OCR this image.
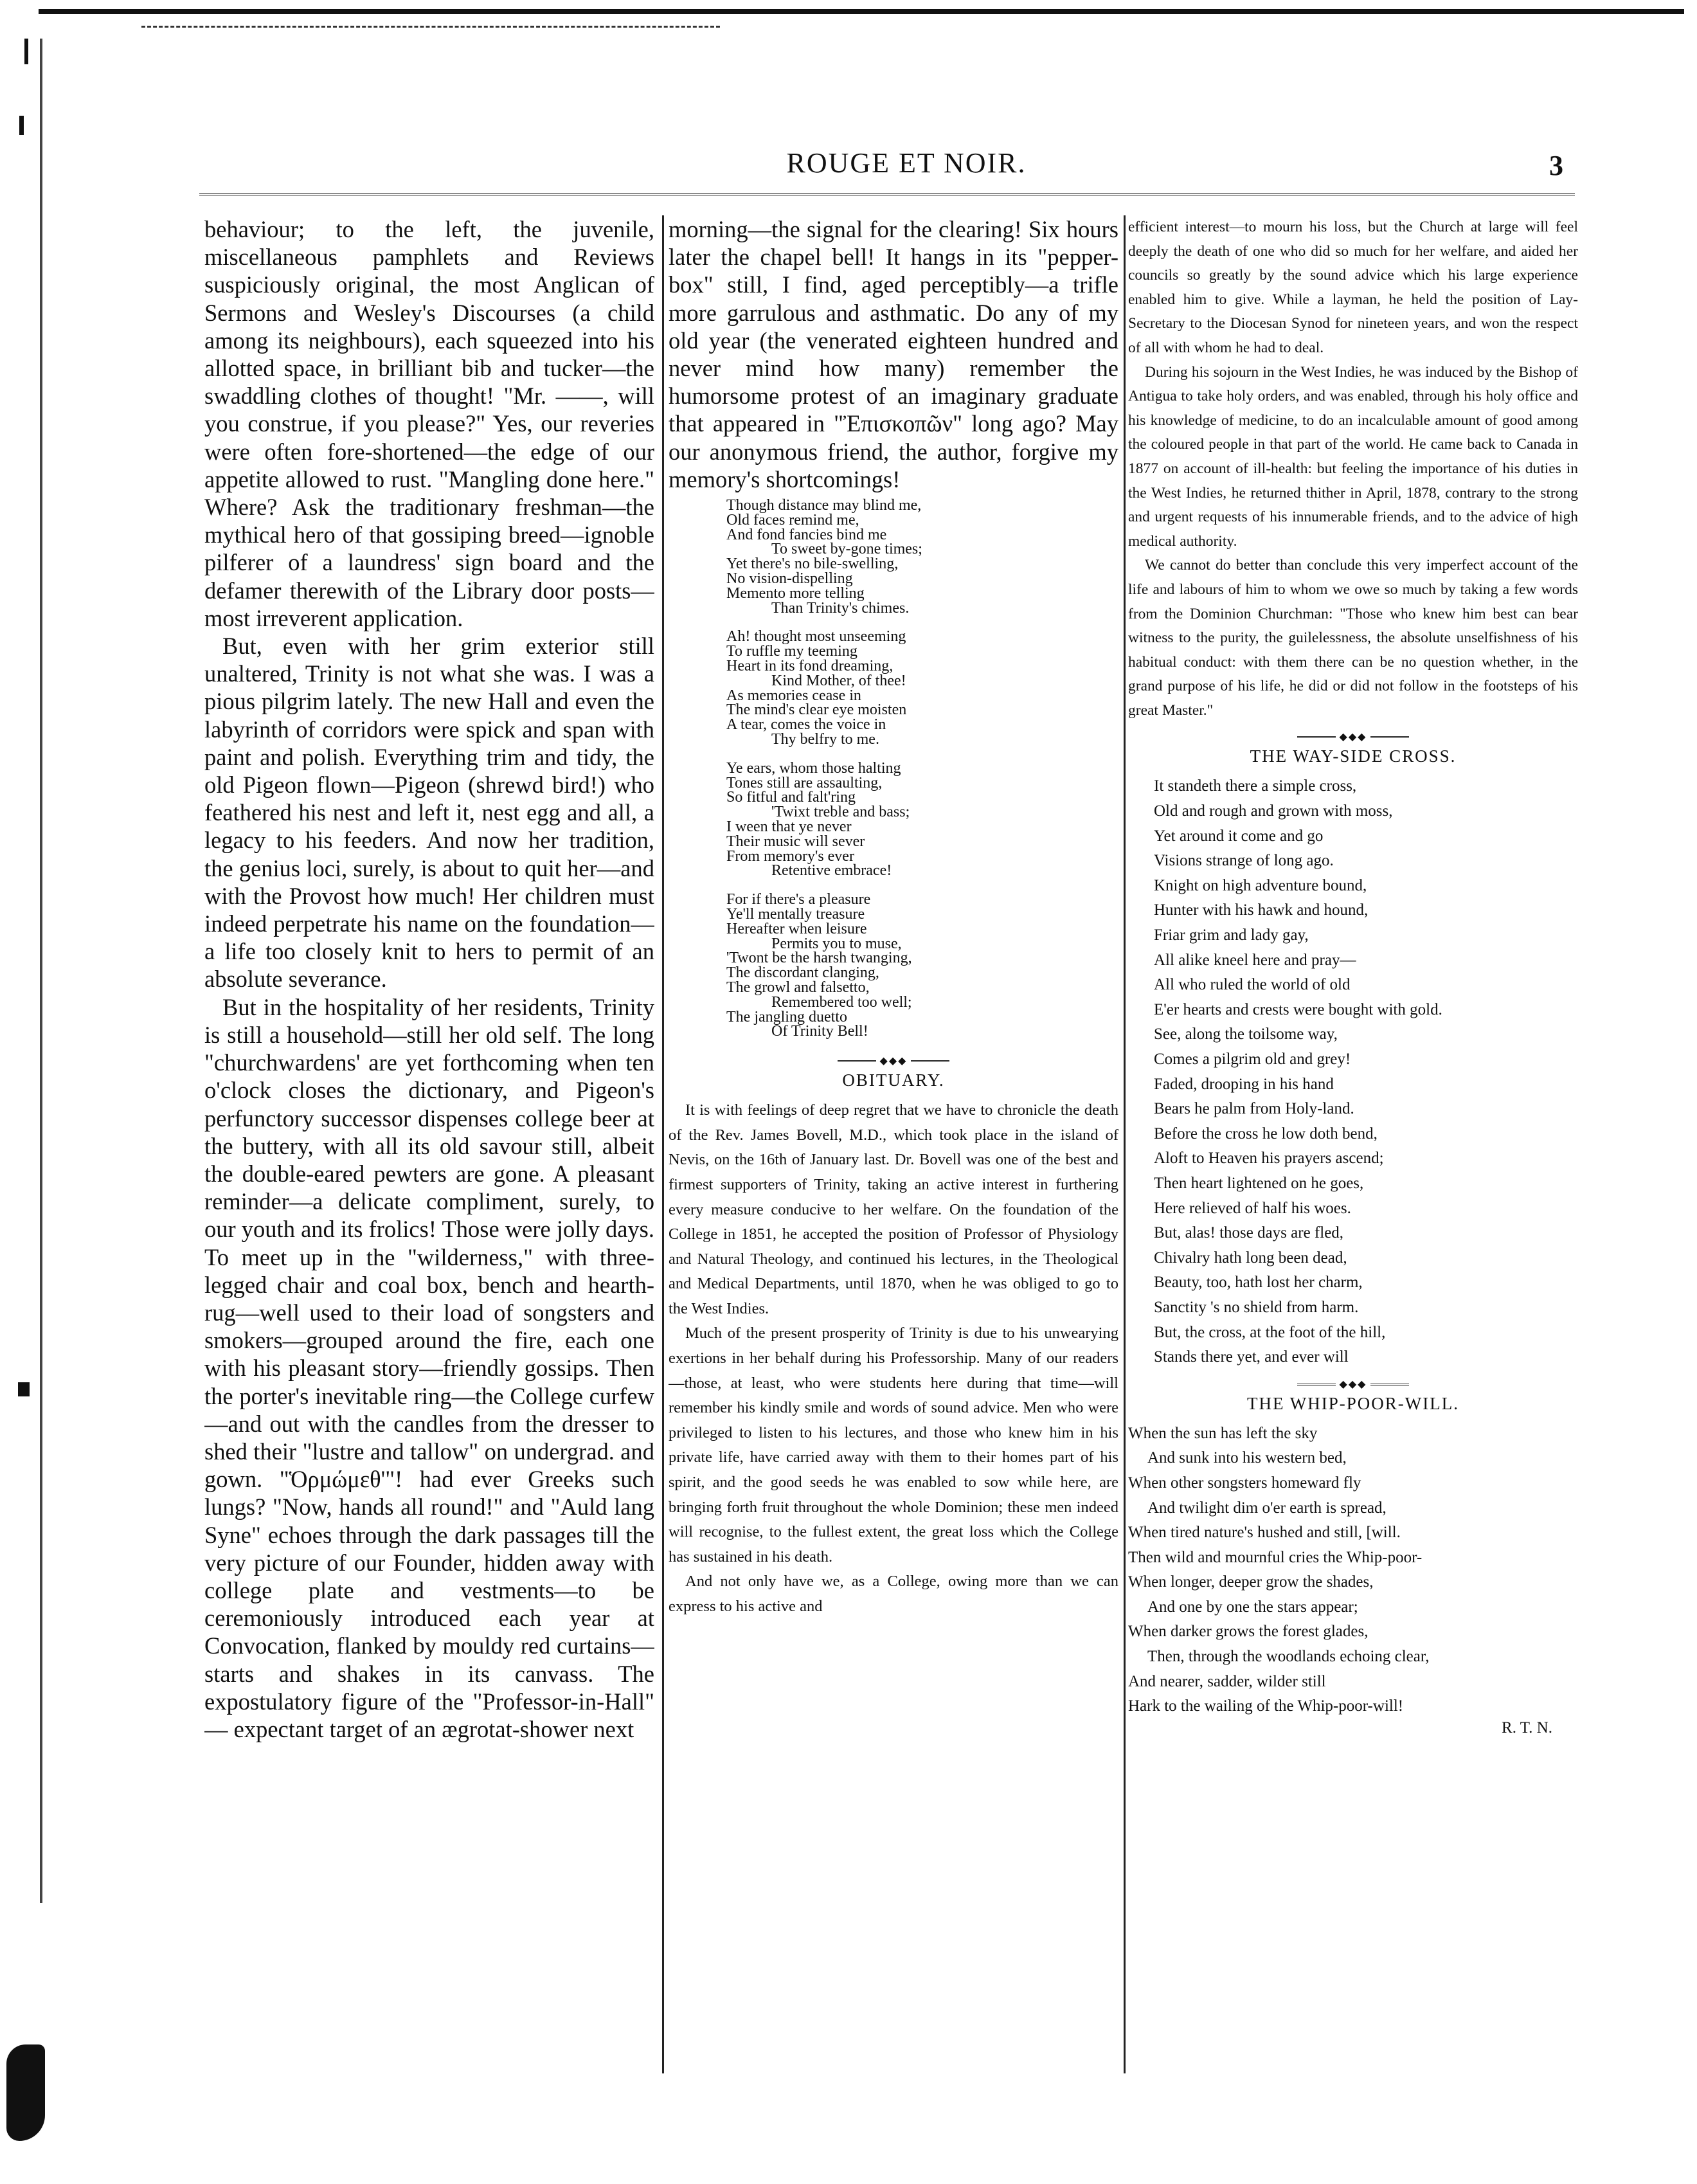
ROUGE ET NOIR.	3

behaviour; to the left, the juvenile, miscellaneous pamphlets and Reviews suspiciously original, the most Anglican of Sermons and Wesley's Discourses (a child among its neighbours), each squeezed into his allotted space, in brilliant bib and tucker—the swaddling clothes of thought! "Mr. ——, will you construe, if you please?" Yes, our reveries were often fore-shortened—the edge of our appetite allowed to rust. "Mangling done here." Where? Ask the traditionary freshman—the mythical hero of that gossiping breed—ignoble pilferer of a laundress' sign board and the defamer therewith of the Library door posts—most irreverent application.

But, even with her grim exterior still unaltered, Trinity is not what she was. I was a pious pilgrim lately. The new Hall and even the labyrinth of corridors were spick and span with paint and polish. Everything trim and tidy, the old Pigeon flown—Pigeon (shrewd bird!) who feathered his nest and left it, nest egg and all, a legacy to his feeders. And now her tradition, the genius loci, surely, is about to quit her—and with the Provost how much! Her children must indeed perpetrate his name on the foundation—a life too closely knit to hers to permit of an absolute severance.

But in the hospitality of her residents, Trinity is still a household—still her old self. The long "churchwardens' are yet forthcoming when ten o'clock closes the dictionary, and Pigeon's perfunctory successor dispenses college beer at the buttery, with all its old savour still, albeit the double-eared pewters are gone. A pleasant reminder—a delicate compliment, surely, to our youth and its frolics! Those were jolly days. To meet up in the "wilderness," with three-legged chair and coal box, bench and hearth-rug—well used to their load of songsters and smokers—grouped around the fire, each one with his pleasant story—friendly gossips. Then the porter's inevitable ring—the College curfew—and out with the candles from the dresser to shed their "lustre and tallow" on undergrad. and gown. "Ὁρμώμεθ'"! had ever Greeks such lungs? "Now, hands all round!" and "Auld lang Syne" echoes through the dark passages till the very picture of our Founder, hidden away with college plate and vestments—to be ceremoniously introduced each year at Convocation, flanked by mouldy red curtains—starts and shakes in its canvass. The expostulatory figure of the "Professor-in-Hall" — expectant target of an ægrotat-shower next

morning—the signal for the clearing! Six hours later the chapel bell! It hangs in its "pepper-box" still, I find, aged perceptibly—a trifle more garrulous and asthmatic. Do any of my old year (the venerated eighteen hundred and never mind how many) remember the humorsome protest of an imaginary graduate that appeared in "Ἐπισκοπῶν" long ago? May our anonymous friend, the author, forgive my memory's shortcomings!
Though distance may blind me,
Old faces remind me,
And fond fancies bind me
To sweet by-gone times;
Yet there's no bile-swelling,
No vision-dispelling
Memento more telling
Than Trinity's chimes.
Ah! thought most unseeming
To ruffle my teeming
Heart in its fond dreaming,
Kind Mother, of thee!
As memories cease in
The mind's clear eye moisten
A tear, comes the voice in
Thy belfry to me.
Ye ears, whom those halting
Tones still are assaulting,
So fitful and falt'ring
'Twixt treble and bass;
I ween that ye never
Their music will sever
From memory's ever
Retentive embrace!
For if there's a pleasure
Ye'll mentally treasure
Hereafter when leisure
Permits you to muse,
'Twont be the harsh twanging,
The discordant clanging,
The growl and falsetto,
Remembered too well;
The jangling duetto
Of Trinity Bell!
◆◆◆
OBITUARY.

It is with feelings of deep regret that we have to chronicle the death of the Rev. James Bovell, M.D., which took place in the island of Nevis, on the 16th of January last. Dr. Bovell was one of the best and firmest supporters of Trinity, taking an active interest in furthering every measure conducive to her welfare. On the foundation of the College in 1851, he accepted the position of Professor of Physiology and Natural Theology, and continued his lectures, in the Theological and Medical Departments, until 1870, when he was obliged to go to the West Indies.

Much of the present prosperity of Trinity is due to his unwearying exertions in her behalf during his Professorship. Many of our readers—those, at least, who were students here during that time—will remember his kindly smile and words of sound advice. Men who were privileged to listen to his lectures, and those who knew him in his private life, have carried away with them to their homes part of his spirit, and the good seeds he was enabled to sow while here, are bringing forth fruit throughout the whole Dominion; these men indeed will recognise, to the fullest extent, the great loss which the College has sustained in his death.

And not only have we, as a College, owing more than we can express to his active and

efficient interest—to mourn his loss, but the Church at large will feel deeply the death of one who did so much for her welfare, and aided her councils so greatly by the sound advice which his large experience enabled him to give. While a layman, he held the position of Lay-Secretary to the Diocesan Synod for nineteen years, and won the respect of all with whom he had to deal.

During his sojourn in the West Indies, he was induced by the Bishop of Antigua to take holy orders, and was enabled, through his holy office and his knowledge of medicine, to do an incalculable amount of good among the coloured people in that part of the world. He came back to Canada in 1877 on account of ill-health: but feeling the importance of his duties in the West Indies, he returned thither in April, 1878, contrary to the strong and urgent requests of his innumerable friends, and to the advice of high medical authority.

We cannot do better than conclude this very imperfect account of the life and labours of him to whom we owe so much by taking a few words from the Dominion Churchman: "Those who knew him best can bear witness to the purity, the guilelessness, the absolute unselfishness of his habitual conduct: with them there can be no question whether, in the grand purpose of his life, he did or did not follow in the footsteps of his great Master."

◆◆◆
THE WAY-SIDE CROSS.
It standeth there a simple cross,
Old and rough and grown with moss,
Yet around it come and go
Visions strange of long ago.
Knight on high adventure bound,
Hunter with his hawk and hound,
Friar grim and lady gay,
All alike kneel here and pray—
All who ruled the world of old
E'er hearts and crests were bought with gold.
See, along the toilsome way,
Comes a pilgrim old and grey!
Faded, drooping in his hand
Bears he palm from Holy-land.
Before the cross he low doth bend,
Aloft to Heaven his prayers ascend;
Then heart lightened on he goes,
Here relieved of half his woes.
But, alas! those days are fled,
Chivalry hath long been dead,
Beauty, too, hath lost her charm,
Sanctity 's no shield from harm.
But, the cross, at the foot of the hill,
Stands there yet, and ever will
◆◆◆
THE WHIP-POOR-WILL.
When the sun has left the sky
And sunk into his western bed,
When other songsters homeward fly
And twilight dim o'er earth is spread,
When tired nature's hushed and still, [will.
Then wild and mournful cries the Whip-poor-
When longer, deeper grow the shades,
And one by one the stars appear;
When darker grows the forest glades,
Then, through the woodlands echoing clear,
And nearer, sadder, wilder still
Hark to the wailing of the Whip-poor-will!
R. T. N.
